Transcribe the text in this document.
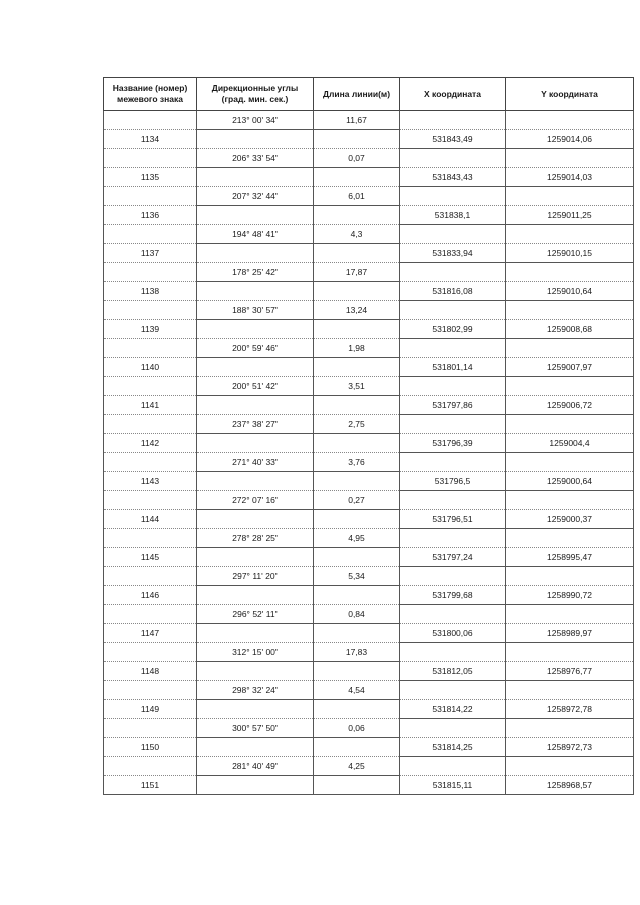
Название (номер) межевого знака	Дирекционные углы (град. мин. сек.)	Длина линии(м)	X координата	Y координата
	213° 00' 34"	11,67		
1134			531843,49	1259014,06
	206° 33' 54"	0,07		
1135			531843,43	1259014,03
	207° 32' 44"	6,01		
1136			531838,1	1259011,25
	194° 48' 41"	4,3		
1137			531833,94	1259010,15
	178° 25' 42"	17,87		
1138			531816,08	1259010,64
	188° 30' 57"	13,24		
1139			531802,99	1259008,68
	200° 59' 46"	1,98		
1140			531801,14	1259007,97
	200° 51' 42"	3,51		
1141			531797,86	1259006,72
	237° 38' 27"	2,75		
1142			531796,39	1259004,4
	271° 40' 33"	3,76		
1143			531796,5	1259000,64
	272° 07' 16"	0,27		
1144			531796,51	1259000,37
	278° 28' 25"	4,95		
1145			531797,24	1258995,47
	297° 11' 20"	5,34		
1146			531799,68	1258990,72
	296° 52' 11"	0,84		
1147			531800,06	1258989,97
	312° 15' 00"	17,83		
1148			531812,05	1258976,77
	298° 32' 24"	4,54		
1149			531814,22	1258972,78
	300° 57' 50"	0,06		
1150			531814,25	1258972,73
	281° 40' 49"	4,25		
1151			531815,11	1258968,57
